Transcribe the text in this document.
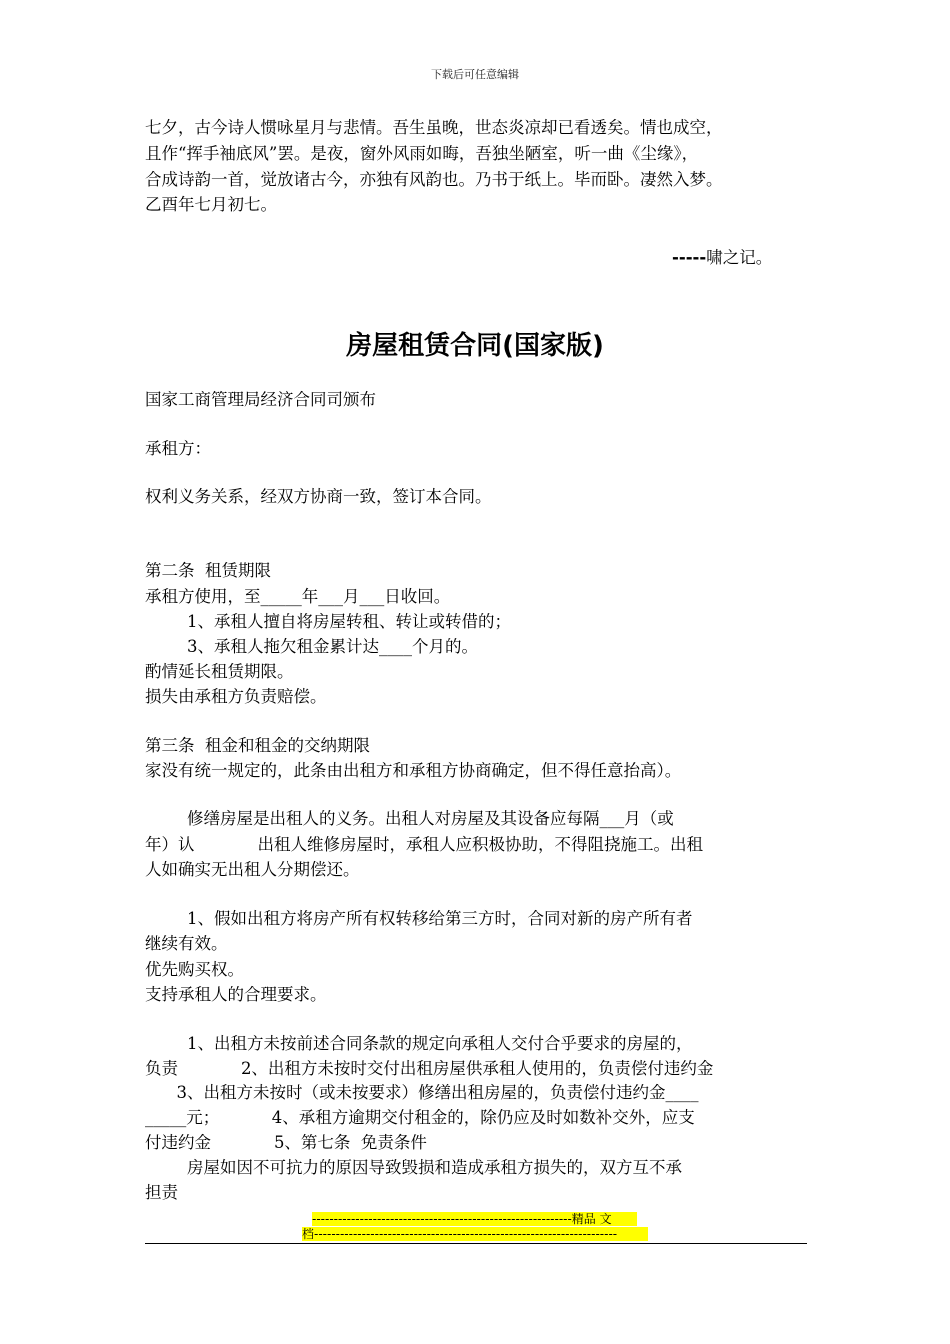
下载后可任意编辑
七夕，古今诗人惯咏星月与悲情。吾生虽晚，世态炎凉却已看透矣。情也成空，
且作“挥手袖底风”罢。是夜，窗外风雨如晦，吾独坐陋室，听一曲《尘缘》，
合成诗韵一首，觉放诸古今，亦独有风韵也。乃书于纸上。毕而卧。凄然入梦。
乙酉年七月初七。
-----啸之记。
房屋租赁合同(国家版)
国家工商管理局经济合同司颁布
承租方：
权利义务关系，经双方协商一致，签订本合同。
第二条  租赁期限
承租方使用，至_____年___月___日收回。
1、承租人擅自将房屋转租、转让或转借的；
3、承租人拖欠租金累计达____个月的。
酌情延长租赁期限。
损失由承租方负责赔偿。
第三条  租金和租金的交纳期限
家没有统一规定的，此条由出租方和承租方协商确定，但不得任意抬高）。
修缮房屋是出租人的义务。出租人对房屋及其设备应每隔___月（或
年）认            出租人维修房屋时，承租人应积极协助，不得阻挠施工。出租
人如确实无出租人分期偿还。
1、假如出租方将房产所有权转移给第三方时，合同对新的房产所有者
继续有效。
优先购买权。
支持承租人的合理要求。
1、出租方未按前述合同条款的规定向承租人交付合乎要求的房屋的，
负责            2、出租方未按时交付出租房屋供承租人使用的，负责偿付违约金
3、出租方未按时（或未按要求）修缮出租房屋的，负责偿付违约金____
_____元；          4、承租方逾期交付租金的，除仍应及时如数补交外，应支
付违约金            5、第七条  免责条件
房屋如因不可抗力的原因导致毁损和造成承租方损失的，双方互不承
担责
------------------------------------------------------------精品 文
档----------------------------------------------------------------------
